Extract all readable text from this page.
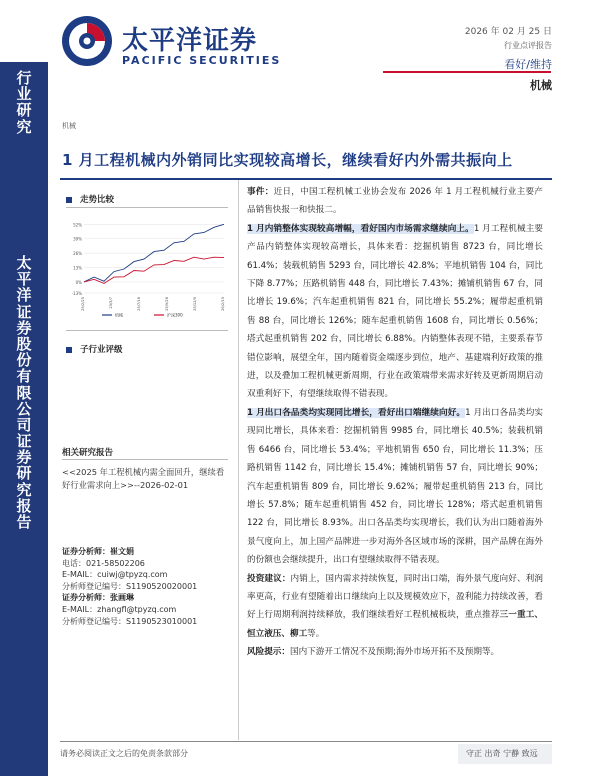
行
业
研
究
太
平
洋
证
券
股
份
有
限
公
司
证
券
研
究
报
告
太平洋证券
PACIFIC SECURITIES
2026 年 02 月 25 日
行业点评报告
看好/维持
机械
机械
1 月工程机械内外销同比实现较高增长，继续看好内外需共振向上
走势比较
52%
39%
26%
13%
0%
-13%
25/2/25	25/5/7	25/7/18	25/9/28	25/12/9	26/2/19
机械	沪深300
子行业评级
相关研究报告
<<2025 年工程机械内需全面回升，继续看好行业需求向上>>--2026-02-01
证券分析师：崔文娟
电话：021-58502206
E-MAIL：cuiwj@tpyzq.com
分析师登记编号：S1190520020001
证券分析师：张画琳
E-MAIL：zhangfl@tpyzq.com
分析师登记编号：S1190523010001

事件：近日，中国工程机械工业协会发布 2026 年 1 月工程机械行业主要产品销售快报一和快报二。

1 月内销整体实现较高增幅，看好国内市场需求继续向上。1 月工程机械主要产品内销整体实现较高增长，具体来看：挖掘机销售 8723 台，同比增长 61.4%；装载机销售 5293 台，同比增长 42.8%；平地机销售 104 台，同比下降 8.77%；压路机销售 448 台，同比增长 7.43%；摊铺机销售 67 台，同比增长 19.6%；汽车起重机销售 821 台，同比增长 55.2%；履带起重机销售 88 台，同比增长 126%；随车起重机销售 1608 台，同比增长 0.56%；塔式起重机销售 202 台，同比增长 6.88%。内销整体表现不错，主要系春节错位影响，展望全年，国内随着资金端逐步到位，地产、基建端利好政策的推进，以及叠加工程机械更新周期，行业在政策端带来需求好转及更新周期启动双重利好下，有望继续取得不错表现。

1 月出口各品类均实现同比增长，看好出口端继续向好。1 月出口各品类均实现同比增长，具体来看：挖掘机销售 9985 台，同比增长 40.5%；装载机销售 6466 台，同比增长 53.4%；平地机销售 650 台，同比增长 11.3%；压路机销售 1142 台，同比增长 15.4%；摊铺机销售 57 台，同比增长 90%；汽车起重机销售 809 台，同比增长 9.62%；履带起重机销售 213 台，同比增长 57.8%；随车起重机销售 452 台，同比增长 128%；塔式起重机销售 122 台，同比增长 8.93%。出口各品类均实现增长，我们认为出口随着海外景气度向上，加上国产品牌进一步对海外各区域市场的深耕，国产品牌在海外的份额也会继续提升，出口有望继续取得不错表现。

投资建议：内销上，国内需求持续恢复，同时出口端，海外景气度向好、利润率更高，行业有望随着出口继续向上以及规模效应下，盈利能力持续改善，看好上行周期利润持续释放，我们继续看好工程机械板块，重点推荐三一重工、恒立液压、柳工等。

风险提示：国内下游开工情况不及预期;海外市场开拓不及预期等。

请务必阅读正文之后的免责条款部分	守正 出奇 宁静 致远
